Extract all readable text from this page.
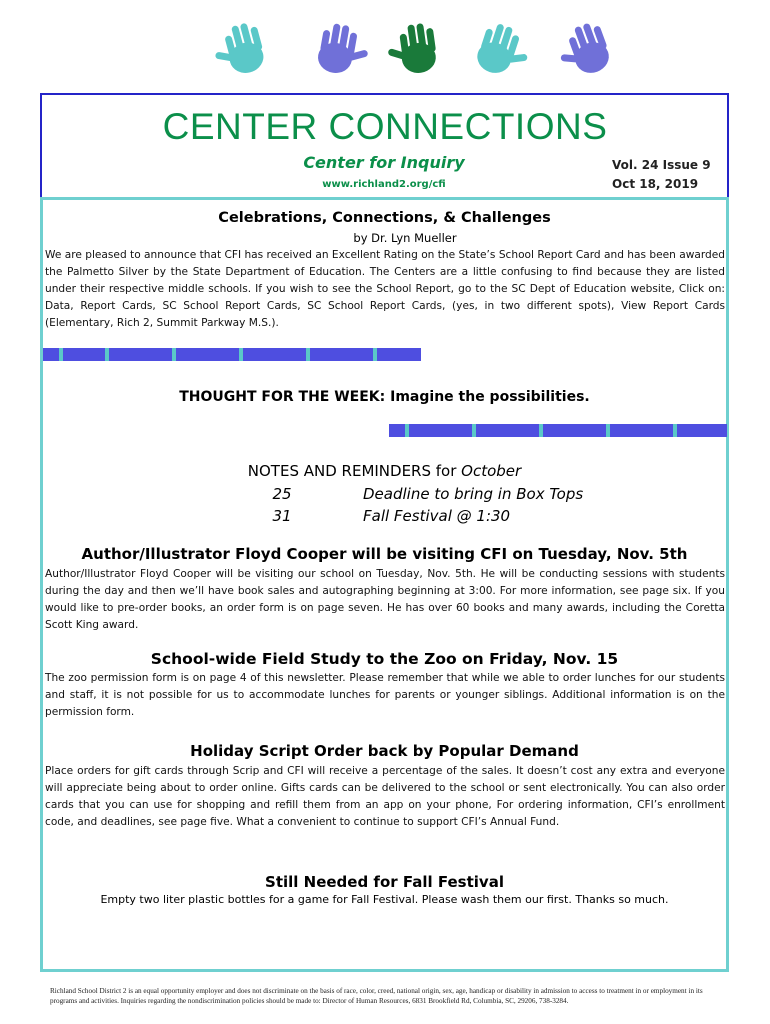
CENTER CONNECTIONS
Center for Inquiry
www.richland2.org/cfi
Vol. 24 Issue 9
Oct 18, 2019
Celebrations, Connections, & Challenges
by Dr. Lyn Mueller
We are pleased to announce that CFI has received an Excellent Rating on the State’s School Report Card and has been awarded the Palmetto Silver by the State Department of Education. The Centers are a little confusing to find because they are listed under their respective middle schools. If you wish to see the School Report, go to the SC Dept of Education website, Click on: Data, Report Cards, SC School Report Cards, SC School Report Cards, (yes, in two different spots), View Report Cards (Elementary, Rich 2, Summit Parkway M.S.).
THOUGHT FOR THE WEEK: Imagine the possibilities.
NOTES AND REMINDERS for October
25	Deadline to bring in Box Tops
31	Fall Festival @ 1:30
Author/Illustrator Floyd Cooper will be visiting CFI on Tuesday, Nov. 5th
Author/Illustrator Floyd Cooper will be visiting our school on Tuesday, Nov. 5th. He will be conducting sessions with students during the day and then we’ll have book sales and autographing beginning at 3:00. For more information, see page six. If you would like to pre-order books, an order form is on page seven. He has over 60 books and many awards, including the Coretta Scott King award.
School-wide Field Study to the Zoo on Friday, Nov. 15
The zoo permission form is on page 4 of this newsletter. Please remember that while we able to order lunches for our students and staff, it is not possible for us to accommodate lunches for parents or younger siblings. Additional information is on the permission form.
Holiday Script Order back by Popular Demand
Place orders for gift cards through Scrip and CFI will receive a percentage of the sales. It doesn’t cost any extra and everyone will appreciate being about to order online. Gifts cards can be delivered to the school or sent electronically. You can also order cards that you can use for shopping and refill them from an app on your phone, For ordering information, CFI’s enrollment code, and deadlines, see page five. What a convenient to continue to support CFI’s Annual Fund.
Still Needed for Fall Festival
Empty two liter plastic bottles for a game for Fall Festival. Please wash them our first. Thanks so much.
Richland School District 2 is an equal opportunity employer and does not discriminate on the basis of race, color, creed, national origin, sex, age, handicap or disability in admission to access to treatment in or employment in its programs and activities. Inquiries regarding the nondiscrimination policies should be made to: Director of Human Resources, 6831 Brookfield Rd, Columbia, SC, 29206, 738-3284.
